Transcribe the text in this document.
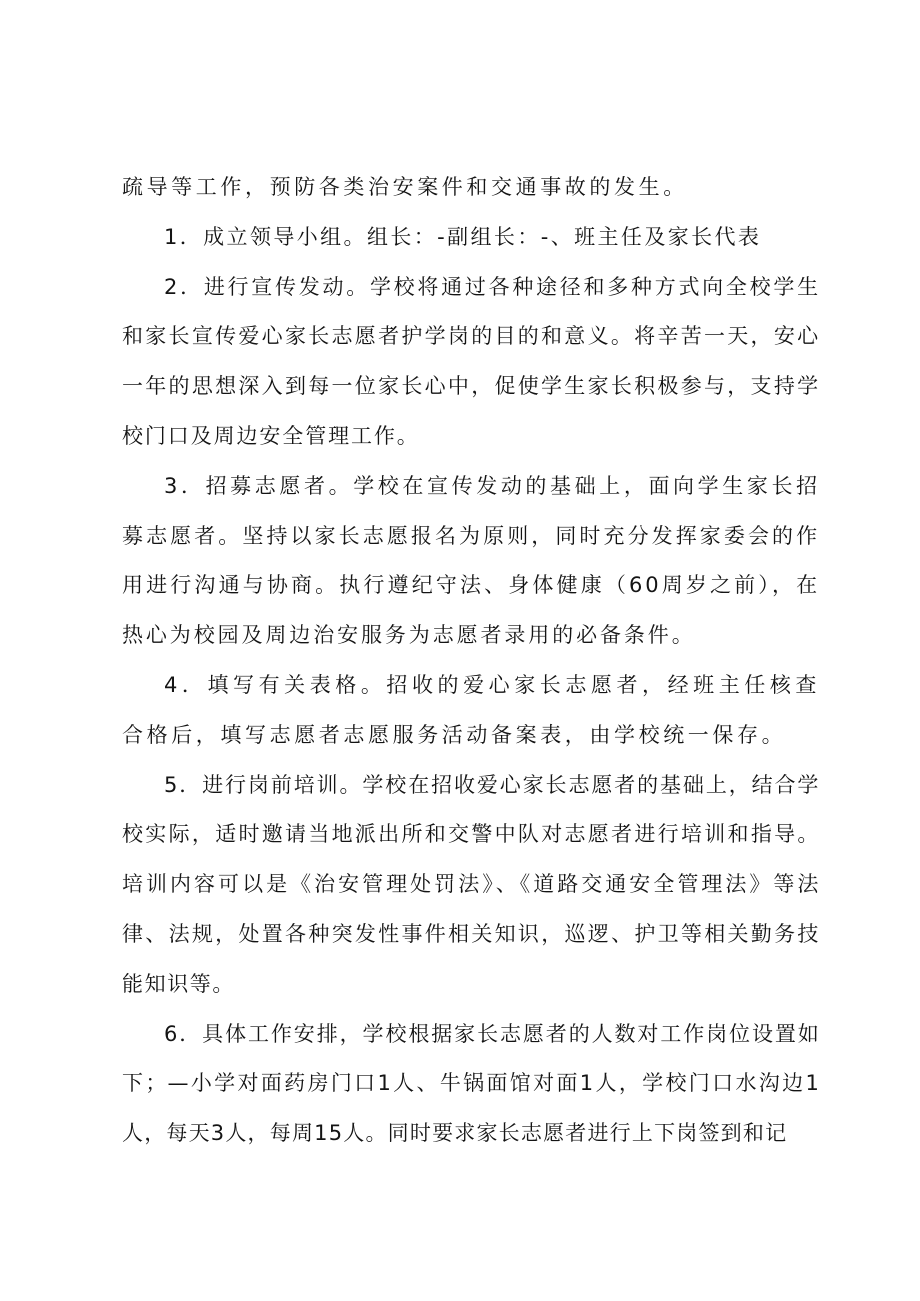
疏导等工作，预防各类治安案件和交通事故的发生。

1．成立领导小组。组长：-副组长：-、班主任及家长代表

2．进行宣传发动。学校将通过各种途径和多种方式向全校学生和家长宣传爱心家长志愿者护学岗的目的和意义。将辛苦一天，安心一年的思想深入到每一位家长心中，促使学生家长积极参与，支持学校门口及周边安全管理工作。

3．招募志愿者。学校在宣传发动的基础上，面向学生家长招募志愿者。坚持以家长志愿报名为原则，同时充分发挥家委会的作用进行沟通与协商。执行遵纪守法、身体健康（60周岁之前），在热心为校园及周边治安服务为志愿者录用的必备条件。

4．填写有关表格。招收的爱心家长志愿者，经班主任核查合格后，填写志愿者志愿服务活动备案表，由学校统一保存。

5．进行岗前培训。学校在招收爱心家长志愿者的基础上，结合学校实际，适时邀请当地派出所和交警中队对志愿者进行培训和指导。培训内容可以是《治安管理处罚法》、《道路交通安全管理法》等法律、法规，处置各种突发性事件相关知识，巡逻、护卫等相关勤务技能知识等。

6．具体工作安排，学校根据家长志愿者的人数对工作岗位设置如下；—小学对面药房门口1人、牛锅面馆对面1人，学校门口水沟边1人，每天3人，每周15人。同时要求家长志愿者进行上下岗签到和记
